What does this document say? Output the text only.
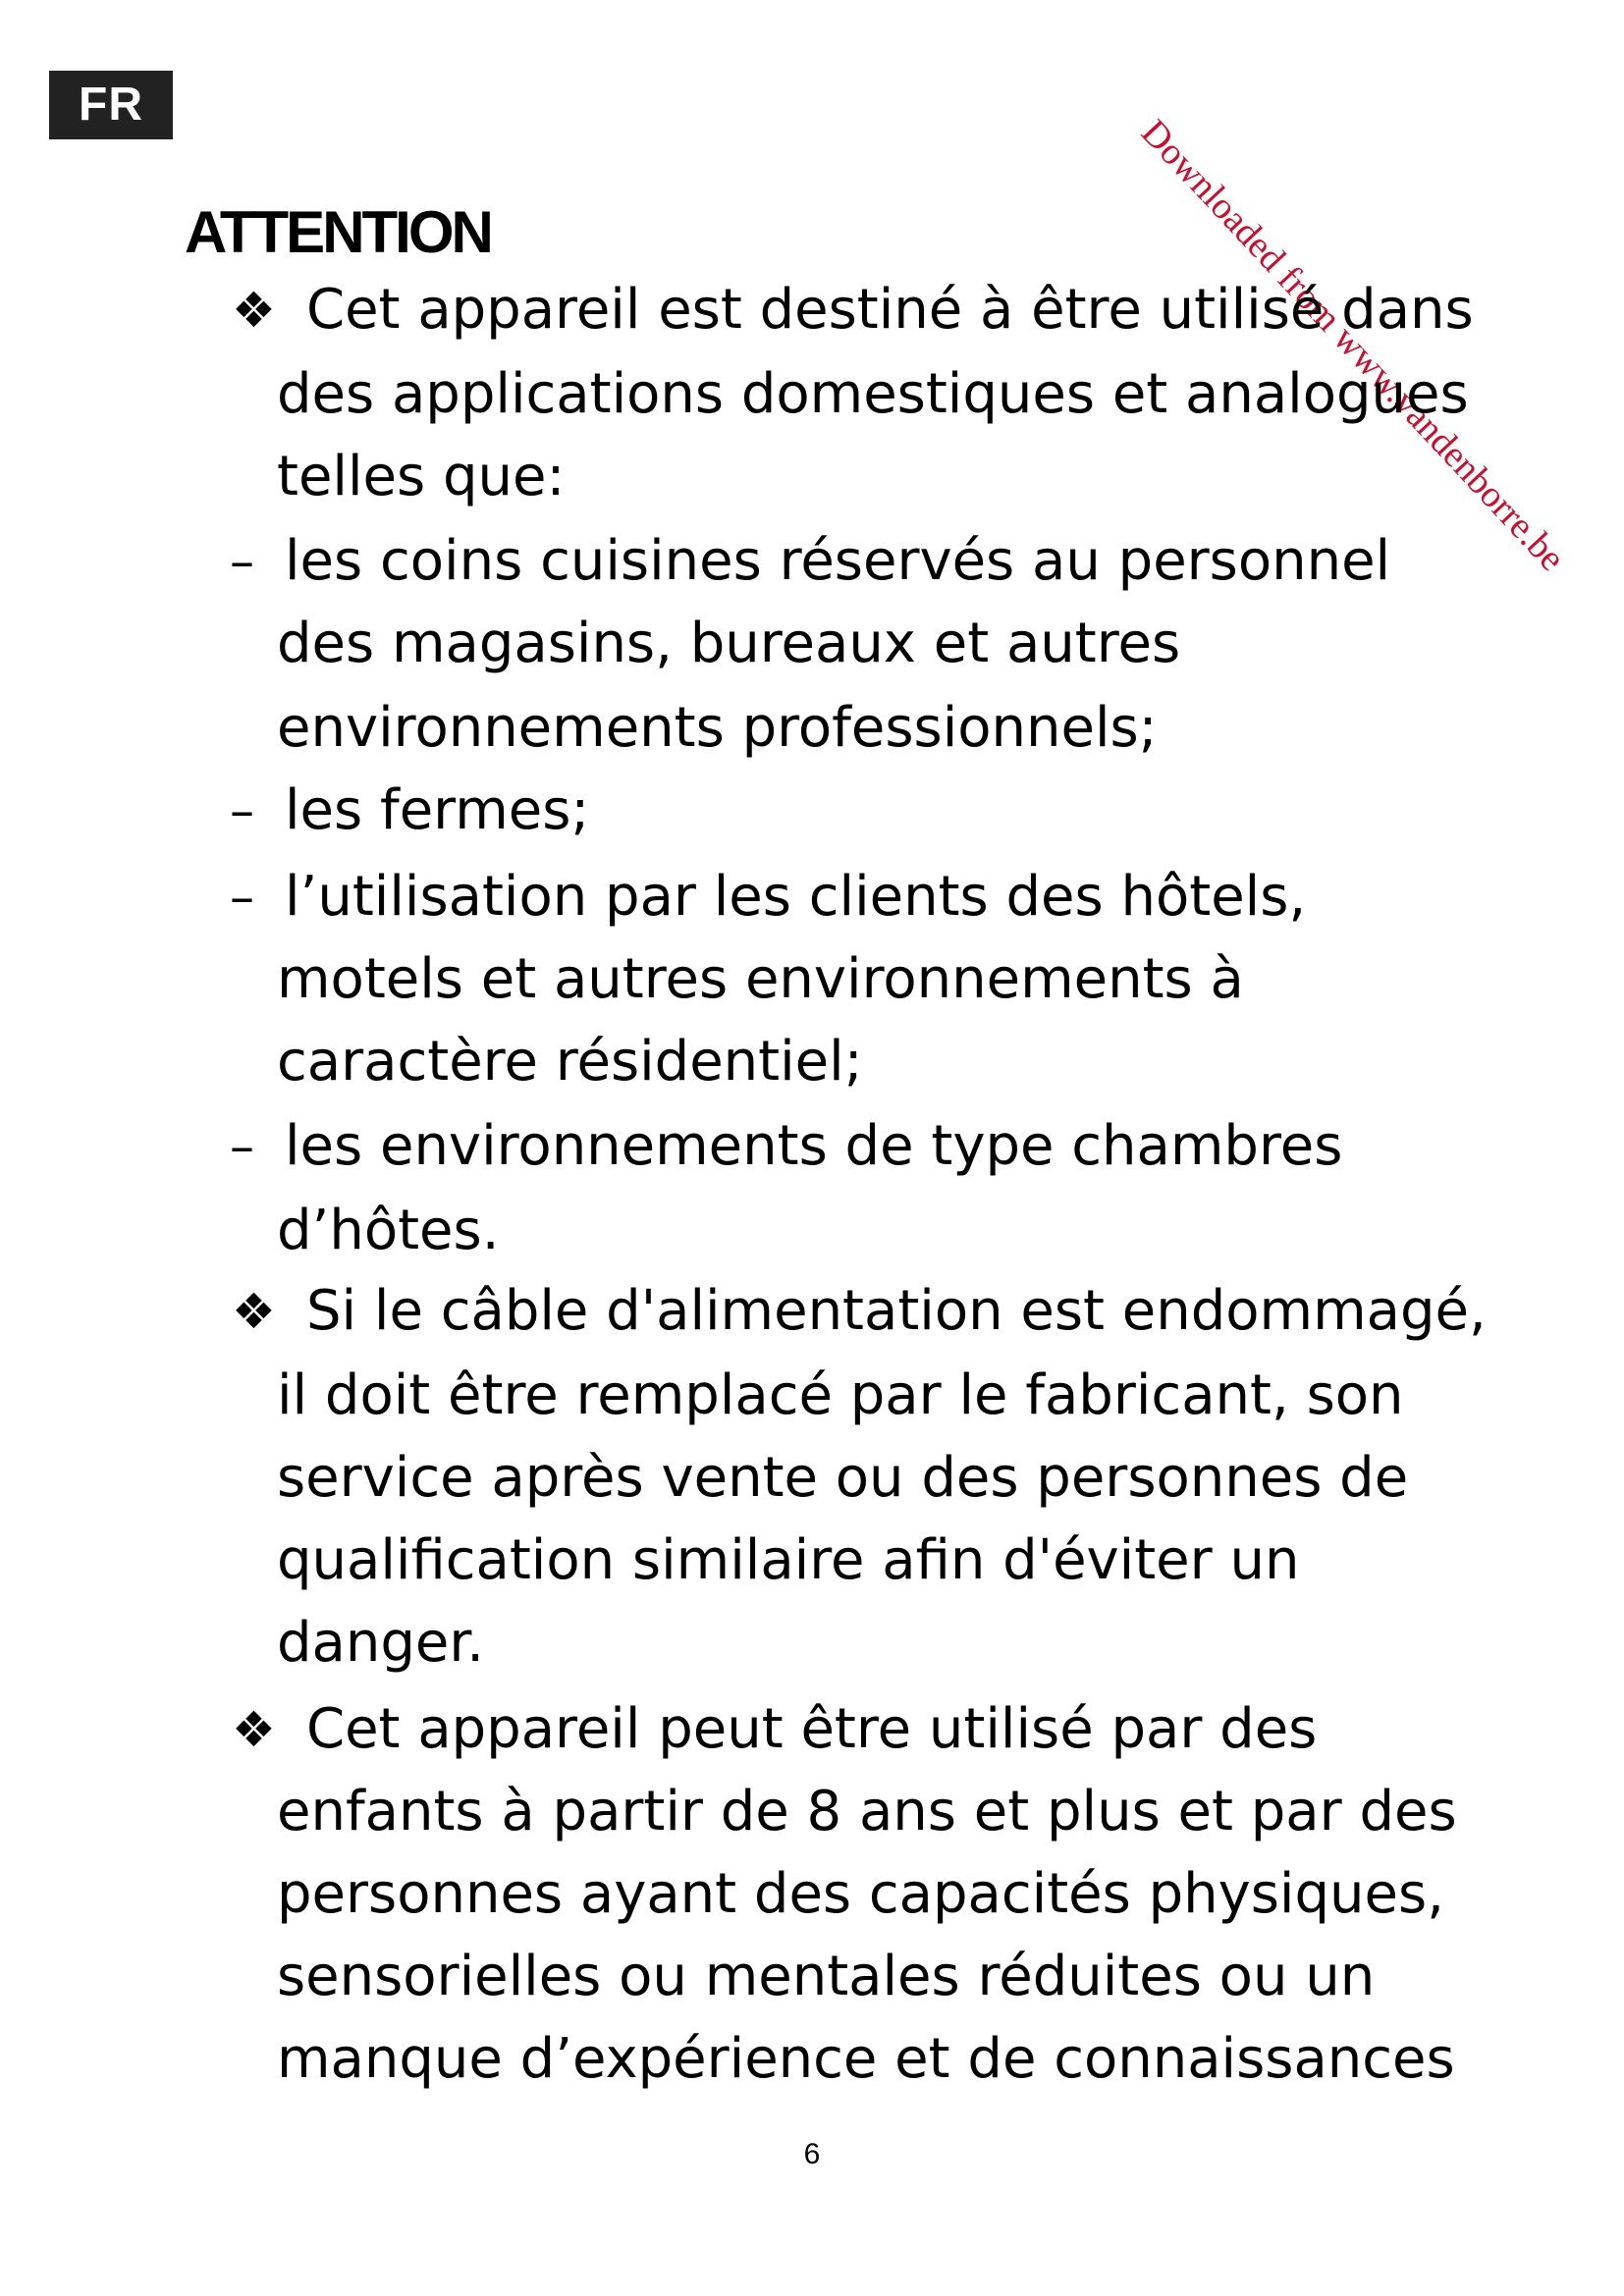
FR
ATTENTION	Downloaded from www.vandenborre.be
❖
–
–
–
–
❖
❖
Cet appareil est destiné à être utilisé dans
des applications domestiques et analogues
telles que:
les coins cuisines réservés au personnel
des magasins, bureaux et autres
environnements professionnels;
les fermes;
l’utilisation par les clients des hôtels,
motels et autres environnements à
caractère résidentiel;
les environnements de type chambres
d’hôtes.
Si le câble d'alimentation est endommagé,
il doit être remplacé par le fabricant, son
service après vente ou des personnes de
qualification similaire afin d'éviter un
danger.
Cet appareil peut être utilisé par des
enfants à partir de 8 ans et plus et par des
personnes ayant des capacités physiques,
sensorielles ou mentales réduites ou un
manque d’expérience et de connaissances
6
